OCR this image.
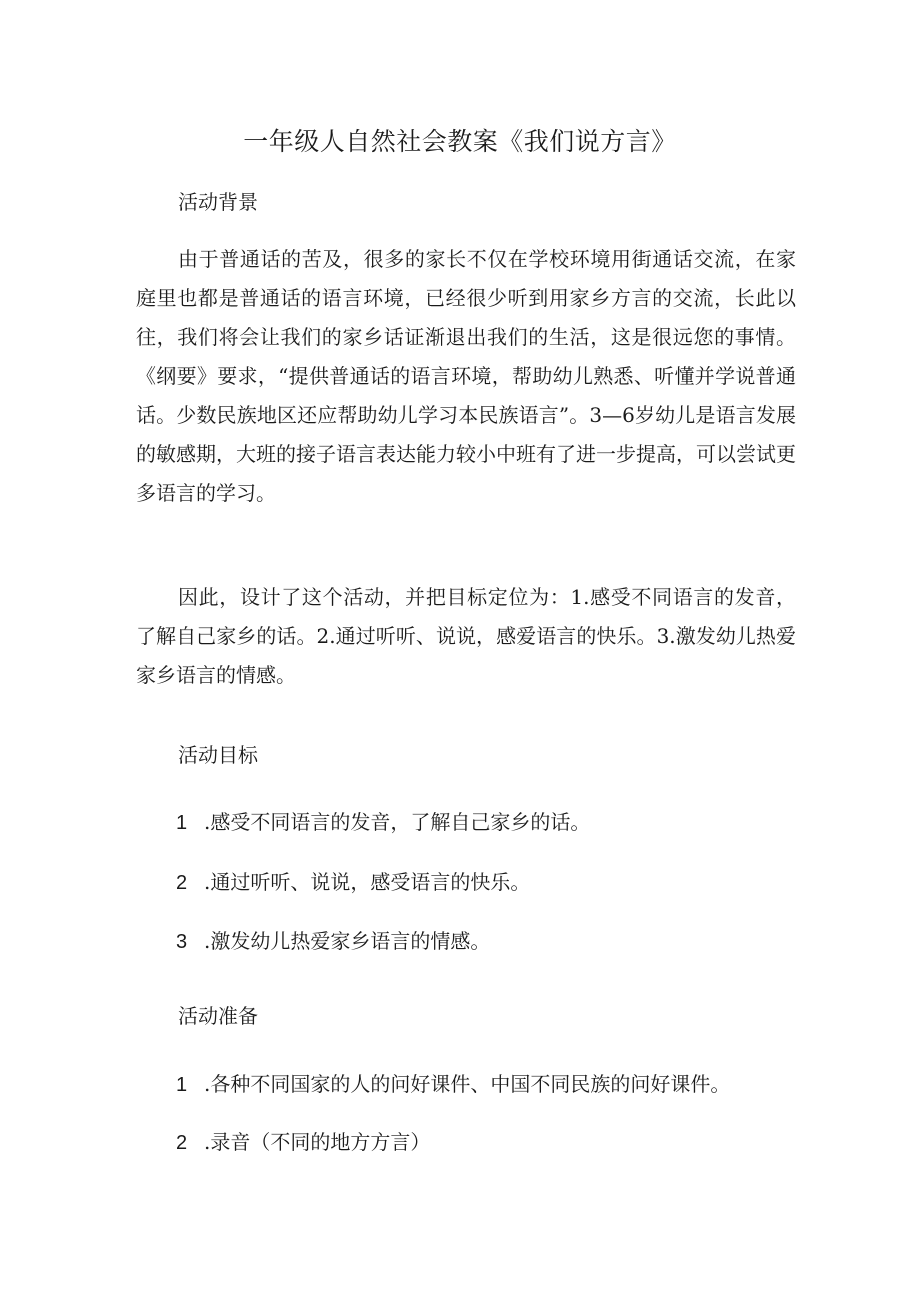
一年级人自然社会教案《我们说方言》
活动背景
由于普通话的苦及，很多的家长不仅在学校环境用街通话交流，在家庭里也都是普通话的语言环境，已经很少听到用家乡方言的交流，长此以往，我们将会让我们的家乡话证渐退出我们的生活，这是很远您的事情。《纲要》要求，“提供普通话的语言环境，帮助幼儿熟悉、听懂并学说普通话。少数民族地区还应帮助幼儿学习本民族语言”。3—6岁幼儿是语言发展的敏感期，大班的接子语言表达能力较小中班有了进一步提高，可以尝试更多语言的学习。
因此，设计了这个活动，并把目标定位为：1.感受不同语言的发音，了解自己家乡的话。2.通过听听、说说，感爱语言的快乐。3.激发幼儿热爱家乡语言的情感。
活动目标
1 .感受不同语言的发音，了解自己家乡的话。
2 .通过听听、说说，感受语言的快乐。
3 .激发幼儿热爱家乡语言的情感。
活动准备
1 .各种不同国家的人的问好课件、中国不同民族的问好课件。
2 .录音（不同的地方方言）
